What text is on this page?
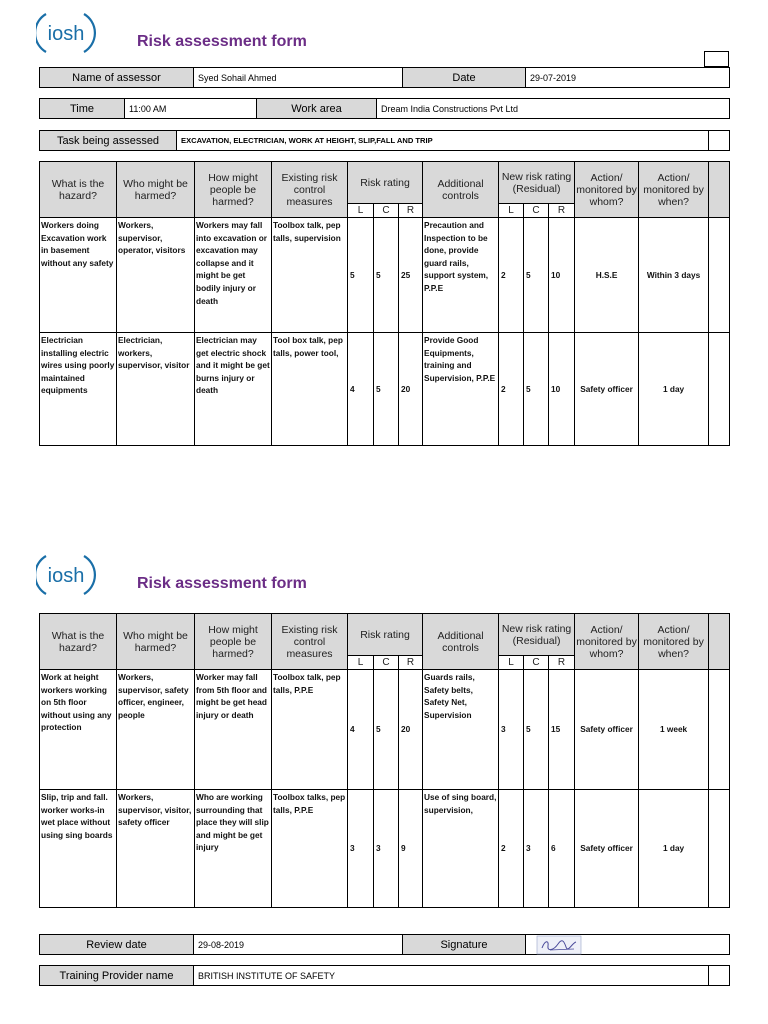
iosh	Risk assessment form
Name of assessor	Syed Sohail Ahmed	Date	29-07-2019
Time	11:00 AM	Work area	Dream India Constructions Pvt Ltd
Task being assessed	EXCAVATION, ELECTRICIAN, WORK AT HEIGHT, SLIP,FALL AND TRIP	
What is the hazard?	Who might be harmed?	How might people be harmed?	Existing risk control measures	Risk rating			Additional controls	New risk rating (Residual)			Action/ monitored by whom?	Action/ monitored by when?	
				L	C	R		L	C	R			
Workers doing Excavation work in basement without any safety	Workers, supervisor, operator, visitors	Workers may fall into excavation or excavation may collapse and it might be get bodily injury or death	Toolbox talk, pep talls, supervision	5	5	25	Precaution and Inspection to be done, provide guard rails, support system, P.P.E	2	5	10	H.S.E	Within 3 days	
Electrician installing electric wires using poorly maintained equipments	Electrician, workers, supervisor, visitor	Electrician may get electric shock and it might be get burns injury or death	Tool box talk, pep talls, power tool,	4	5	20	Provide Good Equipments, training and Supervision, P.P.E	2	5	10	Safety officer	1 day	
iosh	Risk assessment form
What is the hazard?	Who might be harmed?	How might people be harmed?	Existing risk control measures	Risk rating			Additional controls	New risk rating (Residual)			Action/ monitored by whom?	Action/ monitored by when?	
				L	C	R		L	C	R			
Work at height workers working on 5th floor without using any protection	Workers, supervisor, safety officer, engineer, people	Worker may fall from 5th floor and might be get head injury or death	Toolbox talk, pep talls, P.P.E	4	5	20	Guards rails, Safety belts, Safety Net, Supervision	3	5	15	Safety officer	1 week	
Slip, trip and fall. worker works-in wet place without using sing boards	Workers, supervisor, visitor, safety officer	Who are working surrounding that place they will slip and might be get injury	Toolbox talks, pep talls, P.P.E	3	3	9	Use of sing board, supervision,	2	3	6	Safety officer	1 day	
Review date	29-08-2019	Signature	
Training Provider name	BRITISH INSTITUTE OF SAFETY	
